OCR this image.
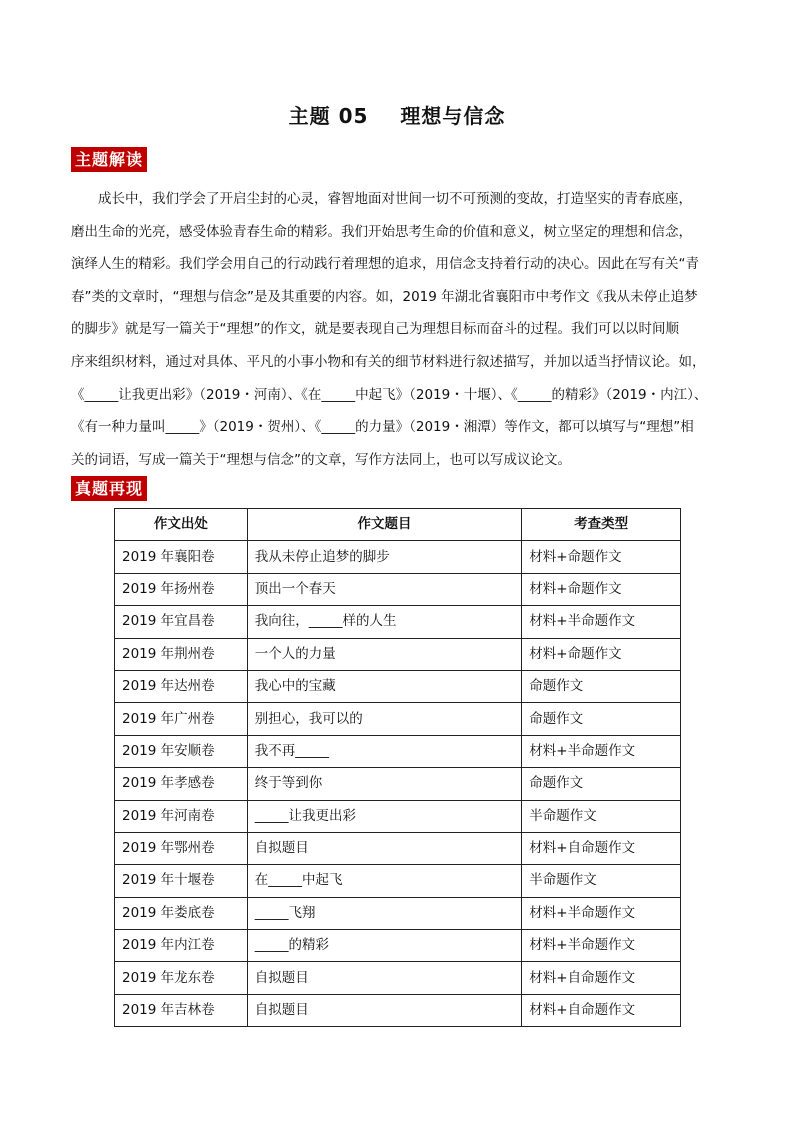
主题 05    理想与信念
主题解读

成长中，我们学会了开启尘封的心灵，睿智地面对世间一切不可预测的变故，打造坚实的青春底座，
磨出生命的光亮，感受体验青春生命的精彩。我们开始思考生命的价值和意义，树立坚定的理想和信念，
演绎人生的精彩。我们学会用自己的行动践行着理想的追求，用信念支持着行动的决心。因此在写有关“青
春”类的文章时，“理想与信念”是及其重要的内容。如，2019 年湖北省襄阳市中考作文《我从未停止追梦
的脚步》就是写一篇关于“理想”的作文，就是要表现自己为理想目标而奋斗的过程。我们可以以时间顺
序来组织材料，通过对具体、平凡的小事小物和有关的细节材料进行叙述描写，并加以适当抒情议论。如，
《_____让我更出彩》（2019・河南）、《在_____中起飞》（2019・十堰）、《_____的精彩》（2019・内江）、
《有一种力量叫_____》（2019・贺州）、《_____的力量》（2019・湘潭）等作文，都可以填写与“理想”相
关的词语，写成一篇关于“理想与信念”的文章，写作方法同上，也可以写成议论文。

真题再现
作文出处	作文题目	考查类型
2019 年襄阳卷	我从未停止追梦的脚步	材料+命题作文
2019 年扬州卷	顶出一个春天	材料+命题作文
2019 年宜昌卷	我向往，_____样的人生	材料+半命题作文
2019 年荆州卷	一个人的力量	材料+命题作文
2019 年达州卷	我心中的宝藏	命题作文
2019 年广州卷	别担心，我可以的	命题作文
2019 年安顺卷	我不再_____	材料+半命题作文
2019 年孝感卷	终于等到你	命题作文
2019 年河南卷	_____让我更出彩	半命题作文
2019 年鄂州卷	自拟题目	材料+自命题作文
2019 年十堰卷	在_____中起飞	半命题作文
2019 年娄底卷	_____飞翔	材料+半命题作文
2019 年内江卷	_____的精彩	材料+半命题作文
2019 年龙东卷	自拟题目	材料+自命题作文
2019 年吉林卷	自拟题目	材料+自命题作文
